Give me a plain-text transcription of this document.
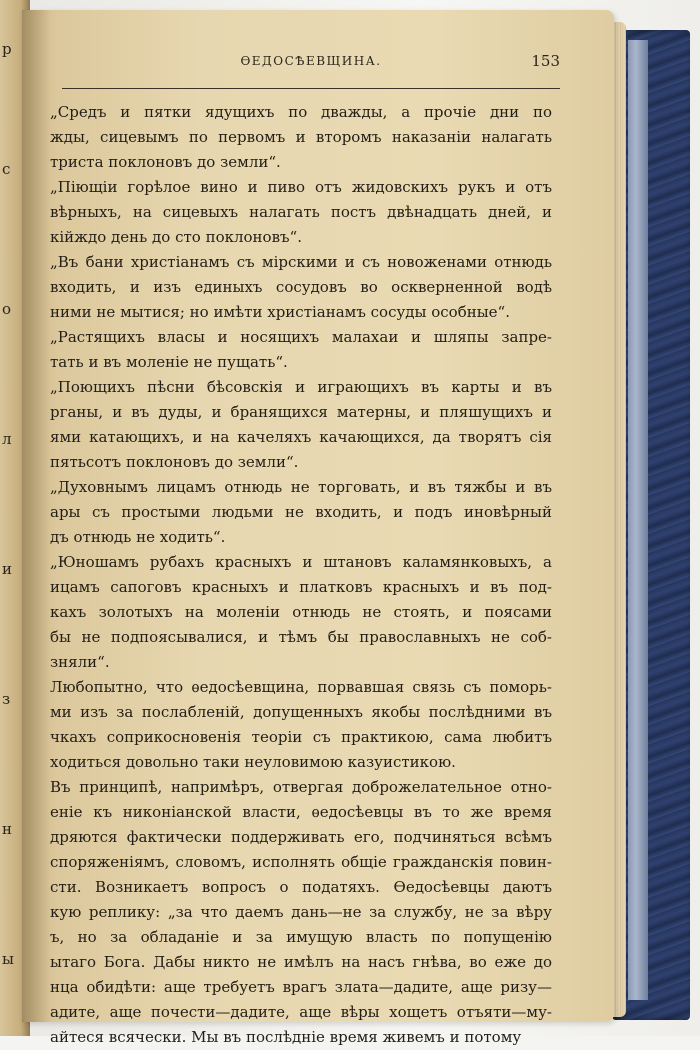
р
с
о
л
и
з
н
ы
ѲЕДОСѢЕВЩИНА.	153
„Средъ и пятки ядущихъ по дважды, а прочіе дни по
жды, сицевымъ по первомъ и второмъ наказаніи налагать
триста поклоновъ до земли“.
„Піющіи горѣлое вино и пиво отъ жидовскихъ рукъ и отъ
вѣрныхъ, на сицевыхъ налагать постъ двѣнадцать дней, и
кійждо день до сто поклоновъ“.
„Въ бани христіанамъ съ мірскими и съ новоженами отнюдь
входить, и изъ единыхъ сосудовъ во оскверненной водѣ
ними не мытися; но имѣти христіанамъ сосуды особные“.
„Растящихъ власы и носящихъ малахаи и шляпы запре-
тать и въ моленіе не пущать“.
„Поющихъ пѣсни бѣсовскія и играющихъ въ карты и въ
рганы, и въ дуды, и бранящихся матерны, и пляшущихъ и
ями катающихъ, и на качеляхъ качающихся, да творятъ сія
пятьсотъ поклоновъ до земли“.
„Духовнымъ лицамъ отнюдь не торговать, и въ тяжбы и въ
ары съ простыми людьми не входить, и подъ иновѣрный
дъ отнюдь не ходить“.
„Юношамъ рубахъ красныхъ и штановъ каламянковыхъ, а
ицамъ сапоговъ красныхъ и платковъ красныхъ и въ под-
кахъ золотыхъ на моленіи отнюдь не стоять, и поясами
бы не подпоясывалися, и тѣмъ бы православныхъ не соб-
зняли“.
Любопытно, что ѳедосѣевщина, порвавшая связь съ поморь-
ми изъ за послабленій, допущенныхъ якобы послѣдними въ
чкахъ соприкосновенія теоріи съ практикою, сама любитъ
ходиться довольно таки неуловимою казуистикою.
Въ принципѣ, напримѣръ, отвергая доброжелательное отно-
еніе къ никоніанской власти, ѳедосѣевцы въ то же время
дряются фактически поддерживать его, подчиняться всѣмъ
споряженіямъ, словомъ, исполнять общіе гражданскія повин-
сти. Возникаетъ вопросъ о податяхъ. Ѳедосѣевцы даютъ
кую реплику: „за что даемъ дань—не за службу, не за вѣру
ъ, но за обладаніе и за имущую власть по попущенію
ытаго Бога. Дабы никто не имѣлъ на насъ гнѣва, во еже до
нца обидѣти: аще требуетъ врагъ злата—дадите, аще ризу—
адите, аще почести—дадите, аще вѣры хощетъ отъяти—му-
айтеся всячески. Мы въ послѣдніе время живемъ и потому
